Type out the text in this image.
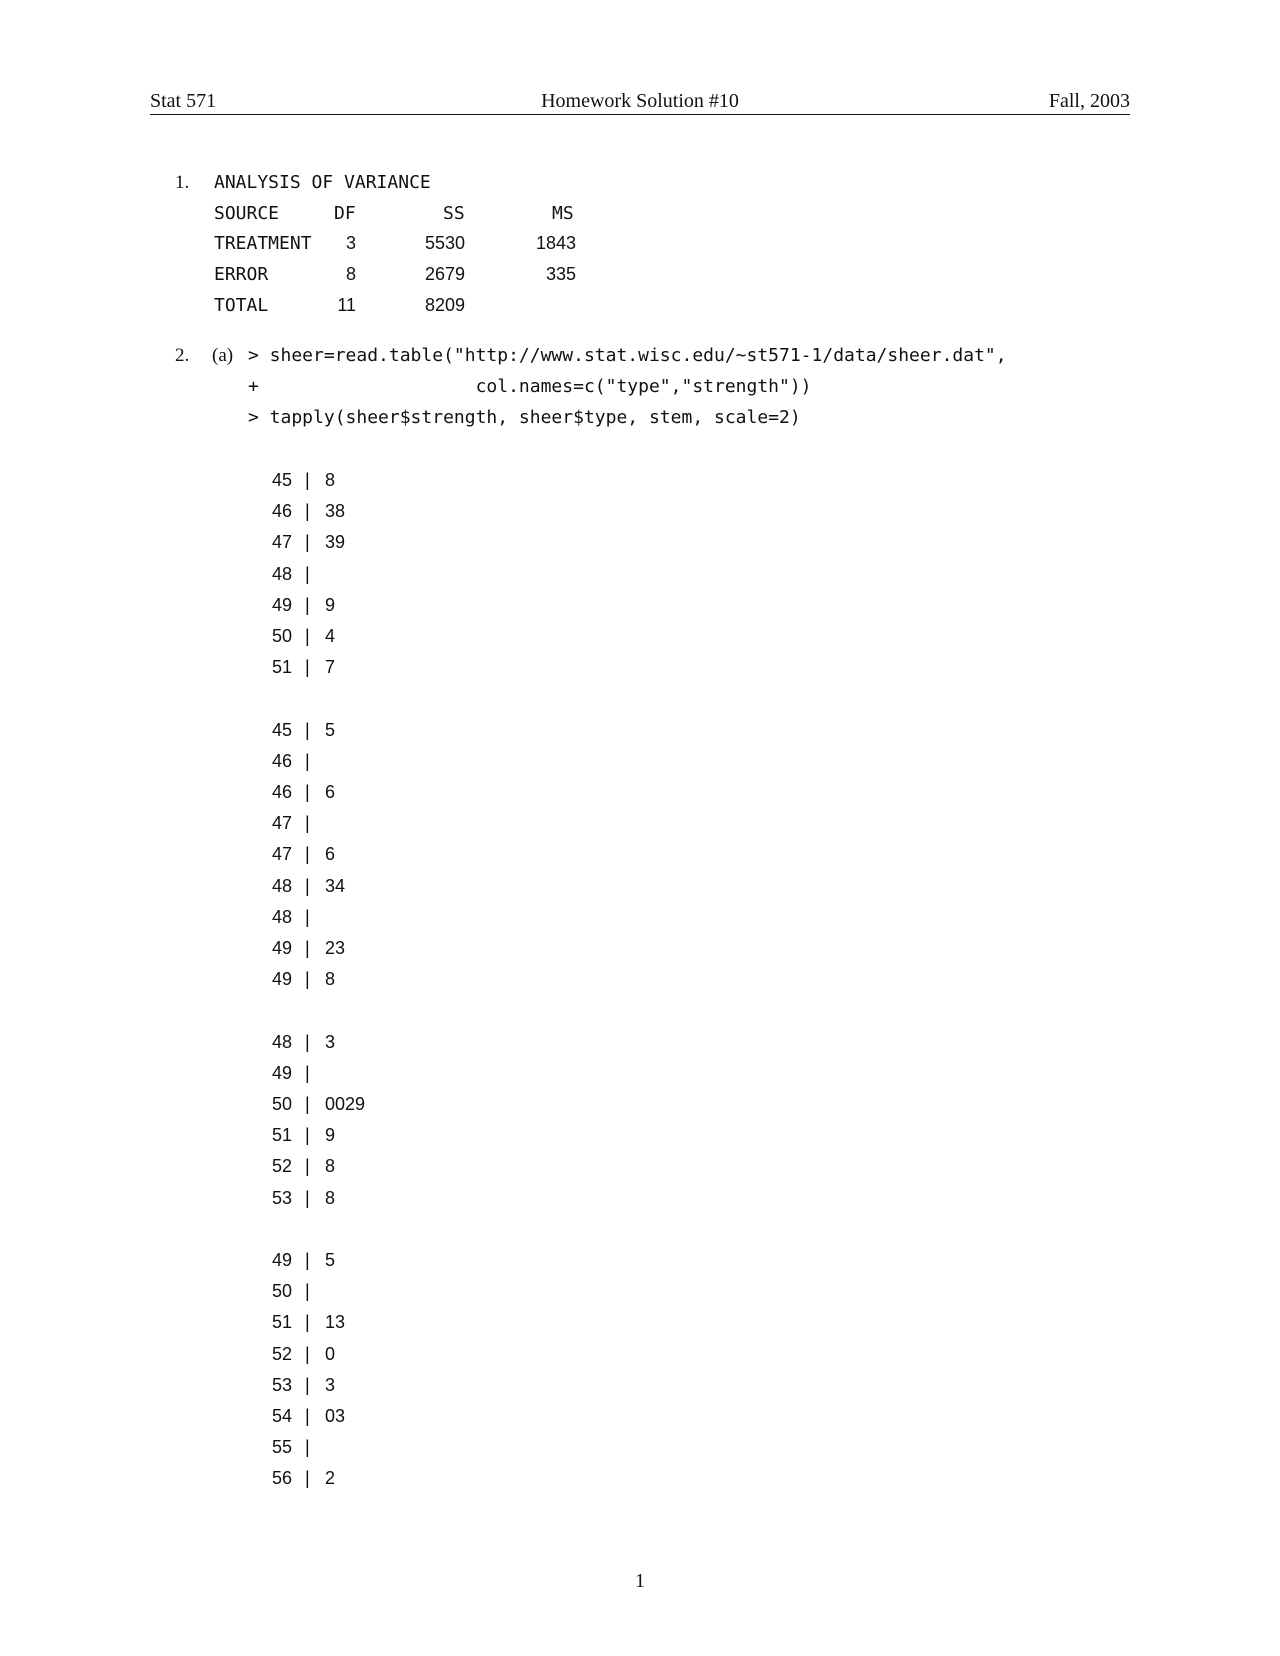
Stat 571	Homework Solution #10	Fall, 2003
1. ANALYSIS OF VARIANCE
SOURCE	DF	SS	MS
TREATMENT 3	5530	1843
ERROR	8	2679	335
TOTAL	11	8209
2. (a) > sheer=read.table("http://www.stat.wisc.edu/~st571-1/data/sheer.dat",
+                    col.names=c("type","strength"))
> tapply(sheer$strength, sheer$type, stem, scale=2)
45 | 8
46 | 38
47 | 39
48 |
49 | 9
50 | 4
51 | 7
45 | 5
46 |
46 | 6
47 |
47 | 6
48 | 34
48 |
49 | 23
49 | 8
48 | 3
49 |
50 | 0029
51 | 9
52 | 8
53 | 8
49 | 5
50 |
51 | 13
52 | 0
53 | 3
54 | 03
55 |
56 | 2
1
